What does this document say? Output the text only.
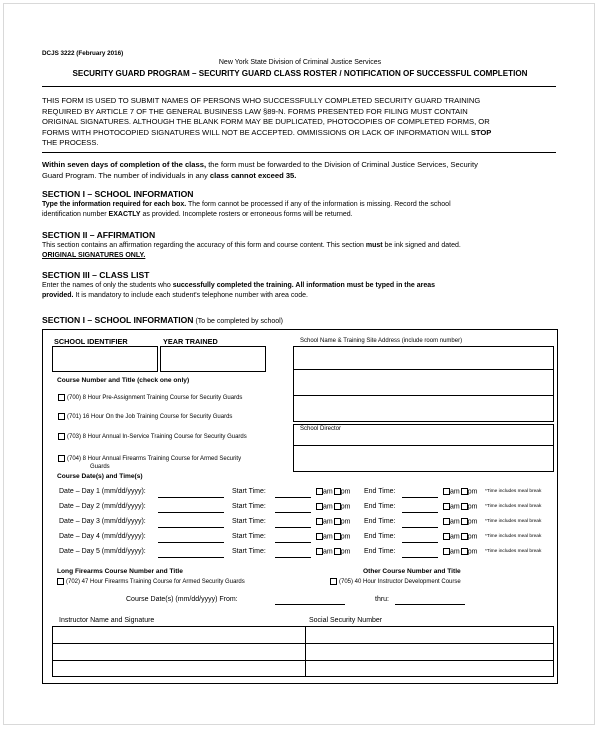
DCJS 3222 (February 2016)
New York State Division of Criminal Justice Services
SECURITY GUARD PROGRAM – SECURITY GUARD CLASS ROSTER / NOTIFICATION OF SUCCESSFUL COMPLETION
THIS FORM IS USED TO SUBMIT NAMES OF PERSONS WHO SUCCESSFULLY COMPLETED SECURITY GUARD TRAINING
REQUIRED BY ARTICLE 7 OF THE GENERAL BUSINESS LAW §89-N. FORMS PRESENTED FOR FILING MUST CONTAIN
ORIGINAL SIGNATURES. ALTHOUGH THE BLANK FORM MAY BE DUPLICATED, PHOTOCOPIES OF COMPLETED FORMS, OR
FORMS WITH PHOTOCOPIED SIGNATURES WILL NOT BE ACCEPTED. OMMISSIONS OR LACK OF INFORMATION WILL STOP
THE PROCESS.
Within seven days of completion of the class, the form must be forwarded to the Division of Criminal Justice Services, Security
Guard Program. The number of individuals in any class cannot exceed 35.
SECTION I – SCHOOL INFORMATION
Type the information required for each box. The form cannot be processed if any of the information is missing. Record the school
identification number EXACTLY as provided. Incomplete rosters or erroneous forms will be returned.
SECTION II – AFFIRMATION
This section contains an affirmation regarding the accuracy of this form and course content. This section must be ink signed and dated.
ORIGINAL SIGNATURES ONLY.
SECTION III – CLASS LIST
Enter the names of only the students who successfully completed the training. All information must be typed in the areas
provided. It is mandatory to include each student's telephone number with area code.
SECTION I – SCHOOL INFORMATION (To be completed by school)
SCHOOL IDENTIFIER	YEAR TRAINED	School Name & Training Site Address (include room number)
Course Number and Title (check one only)
(700) 8 Hour Pre-Assignment Training Course for Security Guards
(701) 16 Hour On the Job Training Course for Security Guards
(703) 8 Hour Annual In-Service Training Course for Security Guards
(704) 8 Hour Annual Firearms Training Course for Armed Security
Guards
School Director
Course Date(s) and Time(s)
Date – Day 1 (mm/dd/yyyy):	Start Time:	am pm End Time:	am pm *Time includes meal break
Date – Day 2 (mm/dd/yyyy):	Start Time:	am pm End Time:	am pm *Time includes meal break
Date – Day 3 (mm/dd/yyyy):	Start Time:	am pm End Time:	am pm *Time includes meal break
Date – Day 4 (mm/dd/yyyy):	Start Time:	am pm End Time:	am pm *Time includes meal break
Date – Day 5 (mm/dd/yyyy):	Start Time:	am pm End Time:	am pm *Time includes meal break
Long Firearms Course Number and Title
(702) 47 Hour Firearms Training Course for Armed Security Guards
Other Course Number and Title
(705) 40 Hour Instructor Development Course
Course Date(s) (mm/dd/yyyy) From:	thru:
Instructor Name and Signature	Social Security Number
